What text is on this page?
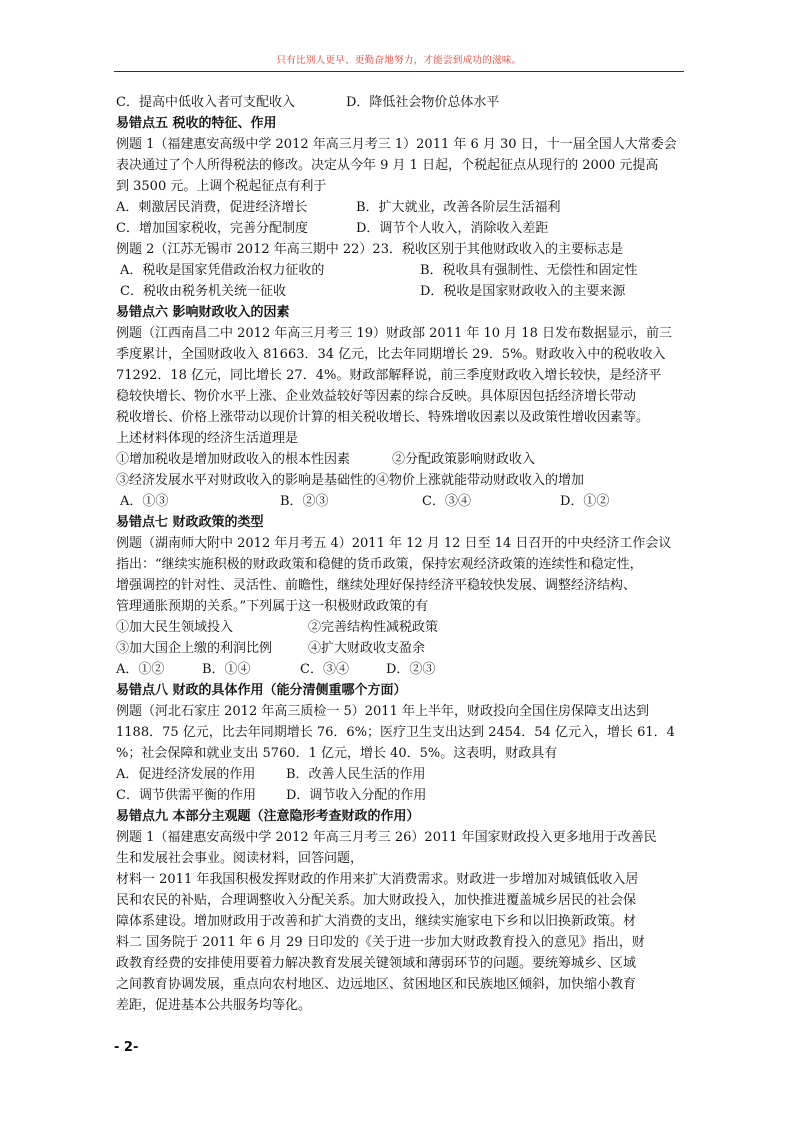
只有比别人更早、更勤奋地努力，才能尝到成功的滋味。
C．提高中低收入者可支配收入	D．降低社会物价总体水平
易错点五 税收的特征、作用
例题 1（福建惠安高级中学 2012 年高三月考三 1）2011 年 6 月 30 日，十一届全国人大常委会
表决通过了个人所得税法的修改。决定从今年 9 月 1 日起，个税起征点从现行的 2000 元提高
到 3500 元。上调个税起征点有利于
A．刺激居民消费，促进经济增长	B．扩大就业，改善各阶层生活福利
C．增加国家税收，完善分配制度	D．调节个人收入，消除收入差距
例题 2（江苏无锡市 2012 年高三期中 22）23．税收区别于其他财政收入的主要标志是
A．税收是国家凭借政治权力征收的	B．税收具有强制性、无偿性和固定性
C．税收由税务机关统一征收	D．税收是国家财政收入的主要来源
易错点六 影响财政收入的因素
例题（江西南昌二中 2012 年高三月考三 19）财政部 2011 年 10 月 18 日发布数据显示，前三
季度累计，全国财政收入 81663．34 亿元，比去年同期增长 29．5%。财政收入中的税收收入
71292．18 亿元，同比增长 27．4%。财政部解释说，前三季度财政收入增长较快，是经济平
稳较快增长、物价水平上涨、企业效益较好等因素的综合反映。具体原因包括经济增长带动
税收增长、价格上涨带动以现价计算的相关税收增长、特殊增收因素以及政策性增收因素等。
上述材料体现的经济生活道理是
①增加税收是增加财政收入的根本性因素	②分配政策影响财政收入
③经济发展水平对财政收入的影响是基础性的④物价上涨就能带动财政收入的增加
A．①③	B．②③	C．③④	D．①②
易错点七 财政政策的类型
例题（湖南师大附中 2012 年月考五 4）2011 年 12 月 12 日至 14 日召开的中央经济工作会议
指出：“继续实施积极的财政政策和稳健的货币政策，保持宏观经济政策的连续性和稳定性，
增强调控的针对性、灵活性、前瞻性，继续处理好保持经济平稳较快发展、调整经济结构、
管理通胀预期的关系。”下列属于这一积极财政政策的有
①加大民生领域投入	②完善结构性减税政策
③加大国企上缴的利润比例	④扩大财政收支盈余
A．①②	B．①④	C．③④	D．②③
易错点八 财政的具体作用（能分清侧重哪个方面）
例题（河北石家庄 2012 年高三质检一 5）2011 年上半年，财政投向全国住房保障支出达到
1188．75 亿元，比去年同期增长 76．6%；医疗卫生支出达到 2454．54 亿元入，增长 61．4
%；社会保障和就业支出 5760．1 亿元，增长 40．5%。这表明，财政具有
A．促进经济发展的作用 B．改善人民生活的作用
C．调节供需平衡的作用 D．调节收入分配的作用
易错点九 本部分主观题（注意隐形考查财政的作用）
例题 1（福建惠安高级中学 2012 年高三月考三 26）2011 年国家财政投入更多地用于改善民
生和发展社会事业。阅读材料，回答问题，
材料一 2011 年我国积极发挥财政的作用来扩大消费需求。财政进一步增加对城镇低收入居
民和农民的补贴，合理调整收入分配关系。加大财政投入，加快推进覆盖城乡居民的社会保
障体系建设。增加财政用于改善和扩大消费的支出，继续实施家电下乡和以旧换新政策。材
料二 国务院于 2011 年 6 月 29 日印发的《关于进一步加大财政教育投入的意见》指出，财
政教育经费的安排使用要着力解决教育发展关键领域和薄弱环节的问题。要统筹城乡、区域
之间教育协调发展，重点向农村地区、边远地区、贫困地区和民族地区倾斜，加快缩小教育
差距，促进基本公共服务均等化。
- 2-
